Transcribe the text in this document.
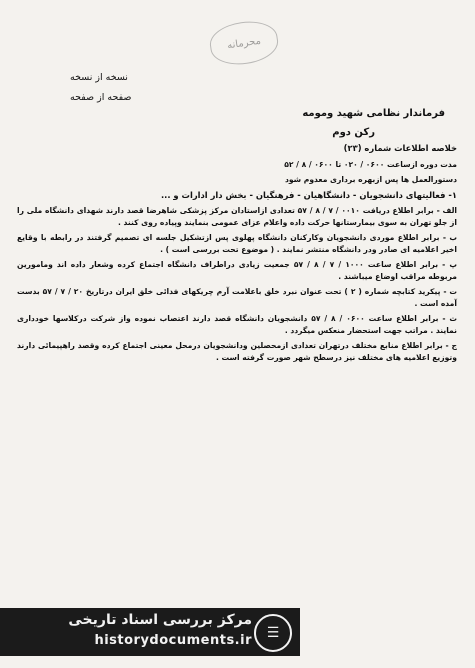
محرمانه
نسخه از نسخه
صفحه از صفحه
فرماندار نظامی شهید ومومه
رکن دوم

خلاصه اطلاعات شماره (۲۳)

مدت دوره ازساعت ۰۶۰۰ / ۰۲۰ تا ۰۶۰۰ / ۸ / ۵۲

دستورالعمل ها پس ازبهره برداری معدوم شود

۱- فعالیتهای دانشجویان - دانشگاهیان - فرهنگیان - بخش دار ادارات و ...

الف - برابر اطلاع دریافت ۰۰۱۰ / ۷ / ۸ / ۵۷ تعدادی ازاستادان مرکز پزشکی شاهرضا قصد دارند شهدای دانشگاه ملی را از جلو تهران به سوی بیمارستانها حرکت داده واعلام عزای عمومی بنمایند وپیاده روی کنند .

ب - برابر اطلاع موردی دانشجویان وکارکنان دانشگاه پهلوی پس ازتشکیل جلسه ای تصمیم گرفتند در رابطه با وقایع اخیر اعلامیه ای صادر ودر دانشگاه منتشر نمایند . ( موضوع تحت بررسی است ) .

پ - برابر اطلاع ساعت ۱۰۰۰ / ۷ / ۸ / ۵۷ جمعیت زیادی دراطراف دانشگاه اجتماع کرده وشعار داده اند ومامورین مربوطه مراقب اوضاع میباشند .

ت - پیکرید کتابچه شماره ( ۲ ) تحت عنوان نبرد خلق باعلامت آرم چریکهای فدائی خلق ایران درتاریخ ۲۰ / ۷ / ۵۷ بدست آمده است .

ث - برابر اطلاع ساعت ۰۶۰۰ / ۸ / ۵۷ دانشجویان دانشگاه قصد دارند اعتصاب نموده واز شرکت درکلاسها خودداری نمایند . مراتب جهت استحضار منعکس میگردد .

ج - برابر اطلاع منابع مختلف درتهران تعدادی ازمحصلین ودانشجویان درمحل معینی اجتماع کرده وقصد راهپیمائی دارند وتوزیع اعلامیه های مختلف نیز درسطح شهر صورت گرفته است .

☰
مرکز بررسی اسناد تاریخی
historydocuments.ir
